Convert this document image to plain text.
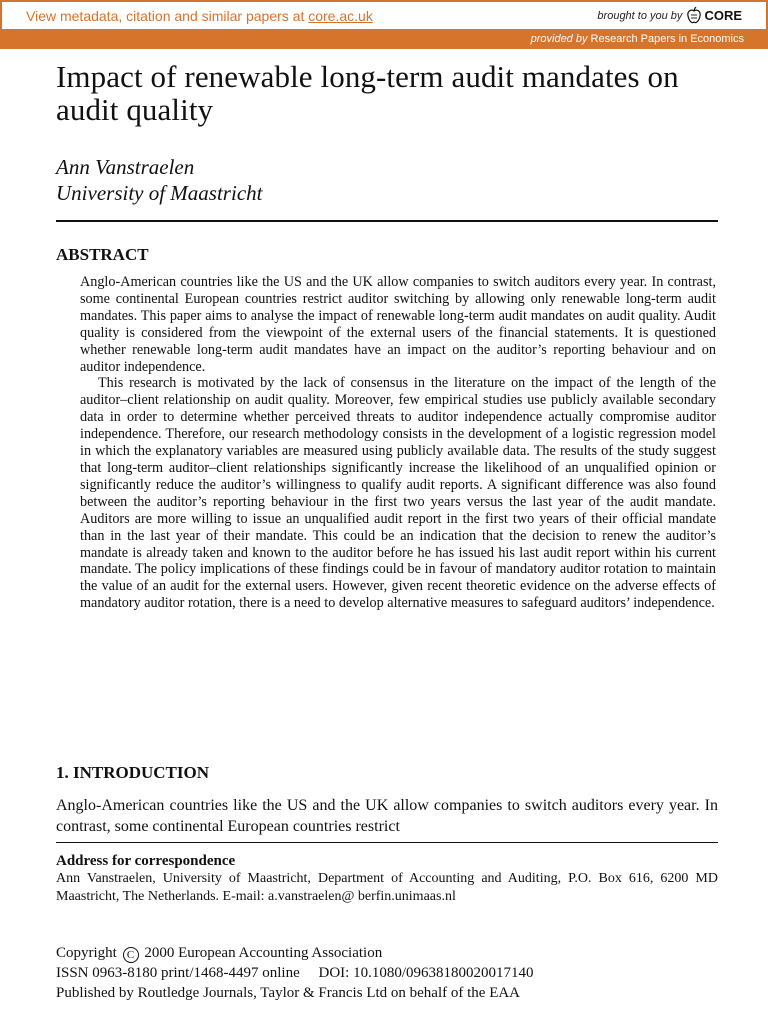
View metadata, citation and similar papers at core.ac.uk	brought to you by CORE
provided by Research Papers in Economics
Impact of renewable long-term audit mandates on audit quality
Ann Vanstraelen
University of Maastricht
ABSTRACT

Anglo-American countries like the US and the UK allow companies to switch auditors every year. In contrast, some continental European countries restrict auditor switching by allowing only renewable long-term audit mandates. This paper aims to analyse the impact of renewable long-term audit mandates on audit quality. Audit quality is considered from the viewpoint of the external users of the financial statements. It is questioned whether renewable long-term audit mandates have an impact on the auditor’s reporting behaviour and on auditor independence.

This research is motivated by the lack of consensus in the literature on the impact of the length of the auditor–client relationship on audit quality. Moreover, few empirical studies use publicly available secondary data in order to determine whether perceived threats to auditor independence actually compromise auditor independence. Therefore, our research methodology consists in the development of a logistic regression model in which the explanatory variables are measured using publicly available data. The results of the study suggest that long-term auditor–client relationships significantly increase the likelihood of an unqualified opinion or significantly reduce the auditor’s willingness to qualify audit reports. A significant difference was also found between the auditor’s reporting behaviour in the first two years versus the last year of the audit mandate. Auditors are more willing to issue an unqualified audit report in the first two years of their official mandate than in the last year of their mandate. This could be an indication that the decision to renew the auditor’s mandate is already taken and known to the auditor before he has issued his last audit report within his current mandate. The policy implications of these findings could be in favour of mandatory auditor rotation to maintain the value of an audit for the external users. However, given recent theoretic evidence on the adverse effects of mandatory auditor rotation, there is a need to develop alternative measures to safeguard auditors’ independence.

1. INTRODUCTION

Anglo-American countries like the US and the UK allow companies to switch auditors every year. In contrast, some continental European countries restrict

Address for correspondence
Ann Vanstraelen, University of Maastricht, Department of Accounting and Auditing, P.O. Box 616, 6200 MD Maastricht, The Netherlands. E-mail: a.vanstraelen@ berfin.unimaas.nl
Copyright C 2000 European Accounting Association
ISSN 0963-8180 print/1468-4497 online     DOI: 10.1080/09638180020017140
Published by Routledge Journals, Taylor & Francis Ltd on behalf of the EAA
